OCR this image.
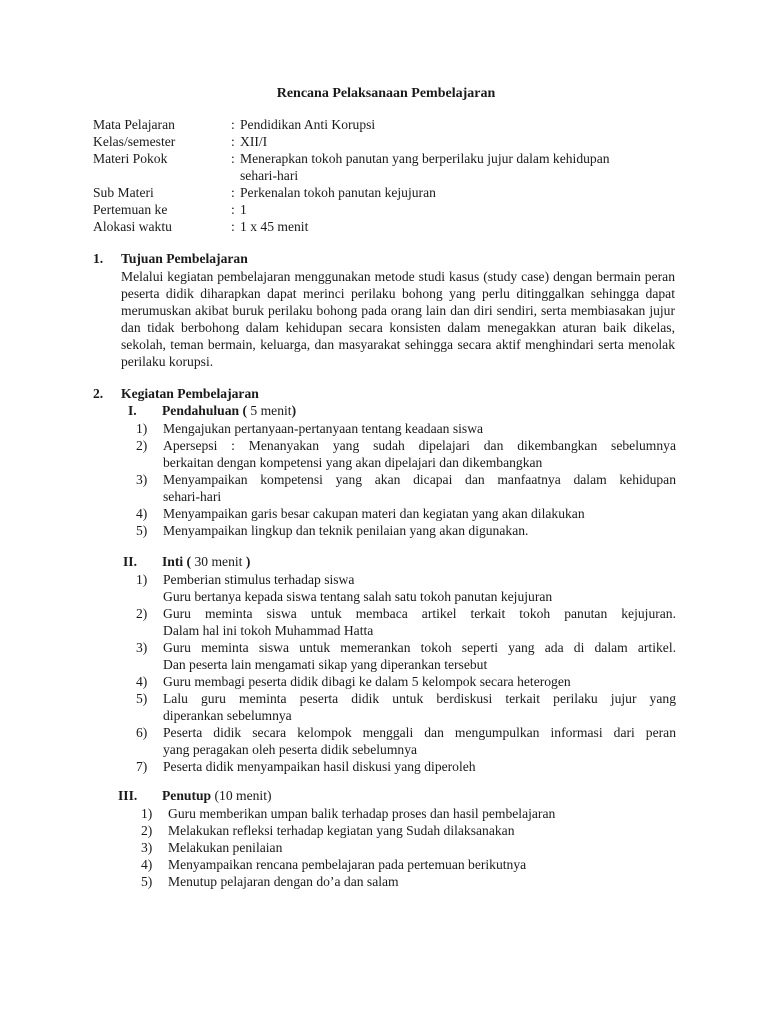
Rencana Pelaksanaan Pembelajaran
Mata Pelajaran	: Pendidikan Anti Korupsi
Kelas/semester	: XII/I
Materi Pokok	: Menerapkan tokoh panutan yang berperilaku jujur dalam kehidupan
sehari-hari
Sub Materi	: Perkenalan tokoh panutan kejujuran
Pertemuan ke	: 1
Alokasi waktu	: 1 x 45 menit
1. Tujuan Pembelajaran
Melalui kegiatan pembelajaran menggunakan metode studi kasus (study case) dengan bermain peran peserta didik diharapkan dapat merinci perilaku bohong yang perlu ditinggalkan sehingga dapat merumuskan akibat buruk perilaku bohong pada orang lain dan diri sendiri, serta membiasakan jujur dan tidak berbohong dalam kehidupan secara konsisten dalam menegakkan aturan baik dikelas, sekolah, teman bermain, keluarga, dan masyarakat sehingga secara aktif menghindari serta menolak perilaku korupsi.
2. Kegiatan Pembelajaran
I. Pendahuluan ( 5 menit)
1)	Mengajukan pertanyaan-pertanyaan tentang keadaan siswa
2)	Apersepsi : Menanyakan yang sudah dipelajari dan dikembangkan sebelumnya
berkaitan dengan kompetensi yang akan dipelajari dan dikembangkan
3)	Menyampaikan kompetensi yang akan dicapai dan manfaatnya dalam kehidupan
sehari-hari
4)	Menyampaikan garis besar cakupan materi dan kegiatan yang akan dilakukan
5)	Menyampaikan lingkup dan teknik penilaian yang akan digunakan.
II. Inti ( 30 menit )
1)	Pemberian stimulus terhadap siswa
Guru bertanya kepada siswa tentang salah satu tokoh panutan kejujuran
2)	Guru meminta siswa untuk membaca artikel terkait tokoh panutan kejujuran.
Dalam hal ini tokoh Muhammad Hatta
3)	Guru meminta siswa untuk memerankan tokoh seperti yang ada di dalam artikel.
Dan peserta lain mengamati sikap yang diperankan tersebut
4)	Guru membagi peserta didik dibagi ke dalam 5 kelompok secara heterogen
5)	Lalu guru meminta peserta didik untuk berdiskusi terkait perilaku jujur yang
diperankan sebelumnya
6)	Peserta didik secara kelompok menggali dan mengumpulkan informasi dari peran
yang peragakan oleh peserta didik sebelumnya
7)	Peserta didik menyampaikan hasil diskusi yang diperoleh
III. Penutup (10 menit)
1)	Guru memberikan umpan balik terhadap proses dan hasil pembelajaran
2)	Melakukan refleksi terhadap kegiatan yang Sudah dilaksanakan
3)	Melakukan penilaian
4)	Menyampaikan rencana pembelajaran pada pertemuan berikutnya
5)	Menutup pelajaran dengan do’a dan salam
